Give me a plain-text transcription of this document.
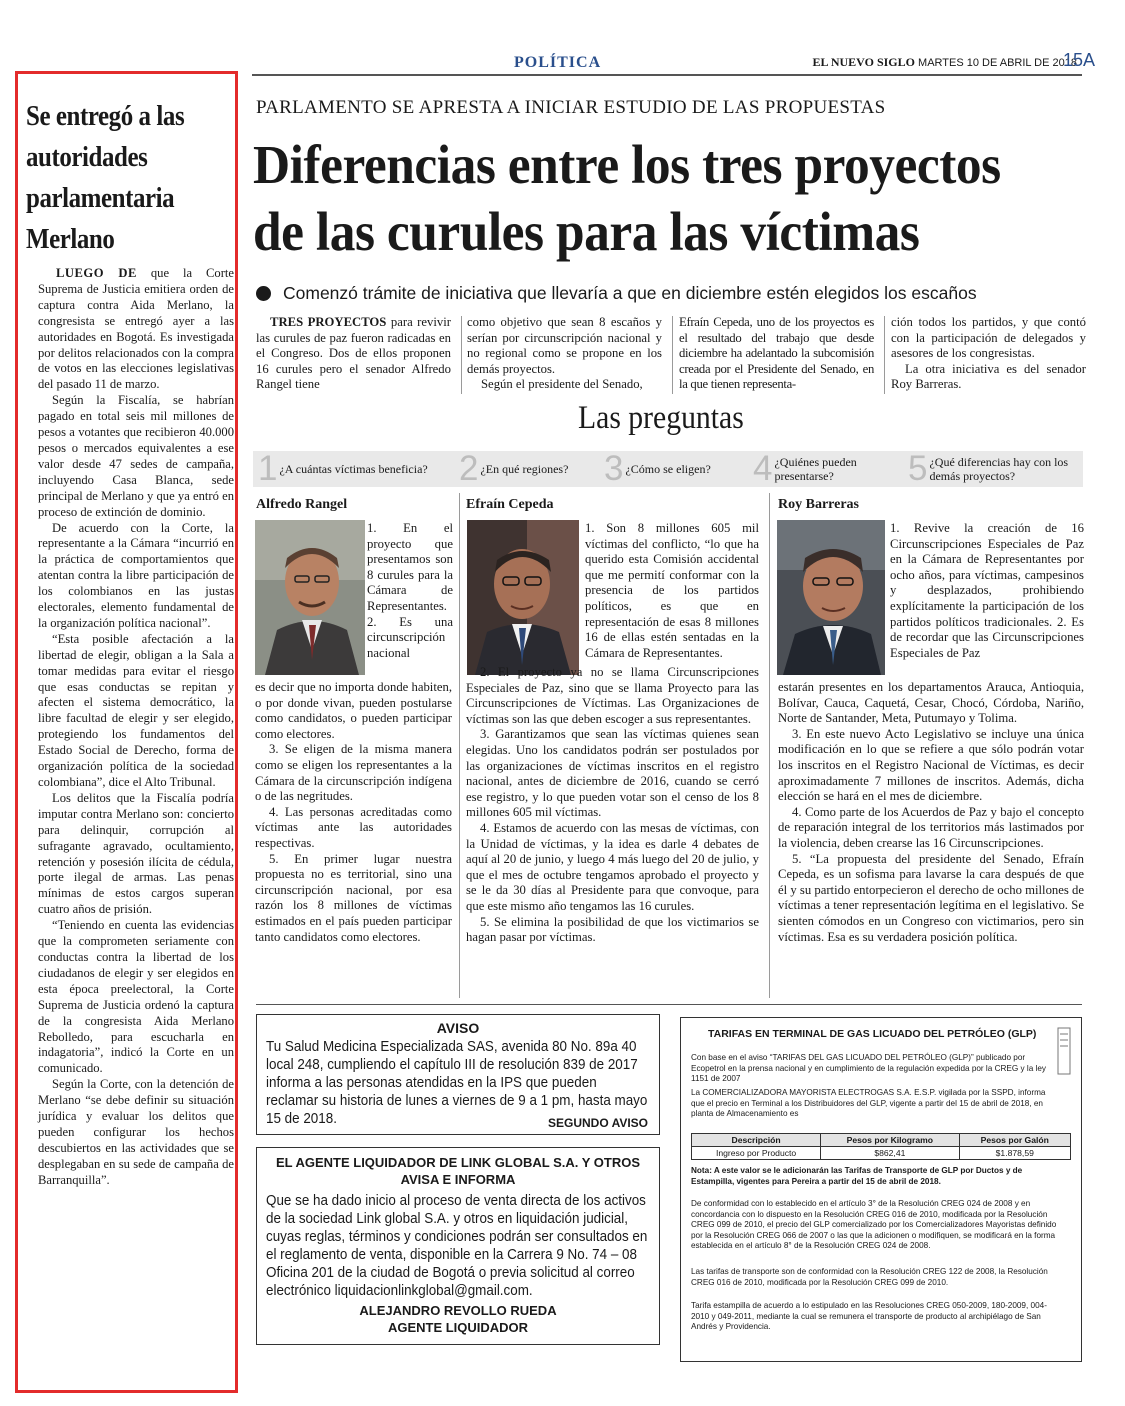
POLÍTICA	EL NUEVO SIGLO MARTES 10 DE ABRIL DE 2018
15A
Se entregó a las autoridades parlamentaria Merlano

LUEGO DE que la Corte Suprema de Justicia emitiera orden de captura contra Aida Merlano, la congresista se entregó ayer a las autoridades en Bogotá. Es investigada por delitos relacionados con la compra de votos en las elecciones legislativas del pasado 11 de marzo.

Según la Fiscalía, se habrían pagado en total seis mil millones de pesos a votantes que recibieron 40.000 pesos o mercados equivalentes a ese valor desde 47 sedes de campaña, incluyendo Casa Blanca, sede principal de Merlano y que ya entró en proceso de extinción de dominio.

De acuerdo con la Corte, la representante a la Cámara “incurrió en la práctica de comportamientos que atentan contra la libre participación de los colombianos en las justas electorales, elemento fundamental de la organización política nacional”.

“Esta posible afectación a la libertad de elegir, obligan a la Sala a tomar medidas para evitar el riesgo que esas conductas se repitan y afecten el sistema democrático, la libre facultad de elegir y ser elegido, protegiendo los fundamentos del Estado Social de Derecho, forma de organización política de la sociedad colombiana”, dice el Alto Tribunal.

Los delitos que la Fiscalía podría imputar contra Merlano son: concierto para delinquir, corrupción al sufragante agravado, ocultamiento, retención y posesión ilícita de cédula, porte ilegal de armas. Las penas mínimas de estos cargos superan cuatro años de prisión.

“Teniendo en cuenta las evidencias que la comprometen seriamente con conductas contra la libertad de los ciudadanos de elegir y ser elegidos en esta época preelectoral, la Corte Suprema de Justicia ordenó la captura de la congresista Aida Merlano Rebolledo, para escucharla en indagatoria”, indicó la Corte en un comunicado.

Según la Corte, con la detención de Merlano “se debe definir su situación jurídica y evaluar los delitos que pueden configurar los hechos descubiertos en las actividades que se desplegaban en su sede de campaña de Barranquilla”.

PARLAMENTO SE APRESTA A INICIAR ESTUDIO DE LAS PROPUESTAS
Diferencias entre los tres proyectos
de las curules para las víctimas
Comenzó trámite de iniciativa que llevaría a que en diciembre estén elegidos los escaños

TRES PROYECTOS para revivir las curules de paz fueron radicadas en el Congreso. Dos de ellos proponen 16 curules pero el senador Alfredo Rangel tiene

como objetivo que sean 8 escaños y serían por circunscripción nacional y no regional como se propone en los demás proyectos.

Según el presidente del Senado,

Efraín Cepeda, uno de los proyectos es el resultado del trabajo que desde diciembre ha adelantado la subcomisión creada por el Presidente del Senado, en la que tienen representa-

ción todos los partidos, y que contó con la participación de delegados y asesores de los congresistas.

La otra iniciativa es del senador Roy Barreras.

Las preguntas
1 ¿A cuántas víctimas beneficia? 2 ¿En qué regiones? 3 ¿Cómo se eligen? 4 ¿Quiénes pueden presentarse?	5 ¿Qué diferencias hay con los demás proyectos?
Alfredo Rangel
1. En el proyecto que presentamos son 8 curules para la Cámara de Representantes. 2. Es una circunscripción nacional

es decir que no importa donde habiten, o por donde vivan, pueden postularse como candidatos, o pueden participar como electores.

3. Se eligen de la misma manera como se eligen los representantes a la Cámara de la circunscripción indígena o de las negritudes.

4. Las personas acreditadas como víctimas ante las autoridades respectivas.

5. En primer lugar nuestra propuesta no es territorial, sino una circunscripción nacional, por esa razón los 8 millones de víctimas estimados en el país pueden participar tanto candidatos como electores.

Efraín Cepeda
1. Son 8 millones 605 mil víctimas del conflicto, “lo que ha querido esta Comisión accidental que me permití conformar con la presencia de los partidos políticos, es que en representación de esas 8 millones 16 de ellas estén sentadas en la Cámara de Representantes.

2. El proyecto ya no se llama Circunscripciones Especiales de Paz, sino que se llama Proyecto para las Circunscripciones de Víctimas. Las Organizaciones de víctimas son las que deben escoger a sus representantes.

3. Garantizamos que sean las víctimas quienes sean elegidas. Uno los candidatos podrán ser postulados por las organizaciones de víctimas inscritos en el registro nacional, antes de diciembre de 2016, cuando se cerró ese registro, y lo que pueden votar son el censo de los 8 millones 605 mil víctimas.

4. Estamos de acuerdo con las mesas de víctimas, con la Unidad de víctimas, y la idea es darle 4 debates de aquí al 20 de junio, y luego 4 más luego del 20 de julio, y que el mes de octubre tengamos aprobado el proyecto y se le da 30 días al Presidente para que convoque, para que este mismo año tengamos las 16 curules.

5. Se elimina la posibilidad de que los victimarios se hagan pasar por víctimas.

Roy Barreras
1. Revive la creación de 16 Circunscripciones Especiales de Paz en la Cámara de Representantes por ocho años, para víctimas, campesinos y desplazados, prohibiendo explícitamente la participación de los partidos políticos tradicionales. 2. Es de recordar que las Circunscripciones Especiales de Paz

estarán presentes en los departamentos Arauca, Antioquia, Bolívar, Cauca, Caquetá, Cesar, Chocó, Córdoba, Nariño, Norte de Santander, Meta, Putumayo y Tolima.

3. En este nuevo Acto Legislativo se incluye una única modificación en lo que se refiere a que sólo podrán votar los inscritos en el Registro Nacional de Víctimas, es decir aproximadamente 7 millones de inscritos. Además, dicha elección se hará en el mes de diciembre.

4. Como parte de los Acuerdos de Paz y bajo el concepto de reparación integral de los territorios más lastimados por la violencia, deben crearse las 16 Circunscripciones.

5. “La propuesta del presidente del Senado, Efraín Cepeda, es un sofisma para lavarse la cara después de que él y su partido entorpecieron el derecho de ocho millones de víctimas a tener representación legítima en el legislativo. Se sienten cómodos en un Congreso con victimarios, pero sin víctimas. Esa es su verdadera posición política.

AVISO
Tu Salud Medicina Especializada SAS, avenida 80 No. 89a 40 local 248, cumpliendo el capítulo III de resolución 839 de 2017 informa a las personas atendidas en la IPS que pueden reclamar su historia de lunes a viernes de 9 a 1 pm, hasta mayo 15 de 2018.	SEGUNDO AVISO
EL AGENTE LIQUIDADOR DE LINK GLOBAL S.A. Y OTROS
AVISA E INFORMA
Que se ha dado inicio al proceso de venta directa de los activos de la sociedad Link global S.A. y otros en liquidación judicial, cuyas reglas, términos y condiciones podrán ser consultados en el reglamento de venta, disponible en la Carrera 9 No. 74 – 08 Oficina 201 de la ciudad de Bogotá o previa solicitud al correo electrónico liquidacionlinkglobal@gmail.com.
ALEJANDRO REVOLLO RUEDA
AGENTE LIQUIDADOR
TARIFAS EN TERMINAL DE GAS LICUADO DEL PETRÓLEO (GLP)
Con base en el aviso “TARIFAS DEL GAS LICUADO DEL PETRÓLEO (GLP)” publicado por Ecopetrol en la prensa nacional y en cumplimiento de la regulación expedida por la CREG y la ley 1151 de 2007
La COMERCIALIZADORA MAYORISTA ELECTROGAS S.A. E.S.P. vigilada por la SSPD, informa que el precio en Terminal a los Distribuidores del GLP, vigente a partir del 15 de abril de 2018, en planta de Almacenamiento es
Descripción	Pesos por Kilogramo	Pesos por Galón
Ingreso por Producto	$862,41	$1.878,59
Nota: A este valor se le adicionarán las Tarifas de Transporte de GLP por Ductos y de Estampilla, vigentes para Pereira a partir del 15 de abril de 2018.
De conformidad con lo establecido en el artículo 3° de la Resolución CREG 024 de 2008 y en concordancia con lo dispuesto en la Resolución CREG 016 de 2010, modificada por la Resolución CREG 099 de 2010, el precio del GLP comercializado por los Comercializadores Mayoristas definido por la Resolución CREG 066 de 2007 o las que la adicionen o modifiquen, se modificará en la forma establecida en el artículo 8° de la Resolución CREG 024 de 2008.
Las tarifas de transporte son de conformidad con la Resolución CREG 122 de 2008, la Resolución CREG 016 de 2010, modificada por la Resolución CREG 099 de 2010.
Tarifa estampilla de acuerdo a lo estipulado en las Resoluciones CREG 050-2009, 180-2009, 004-2010 y 049-2011, mediante la cual se remunera el transporte de producto al archipiélago de San Andrés y Providencia.
